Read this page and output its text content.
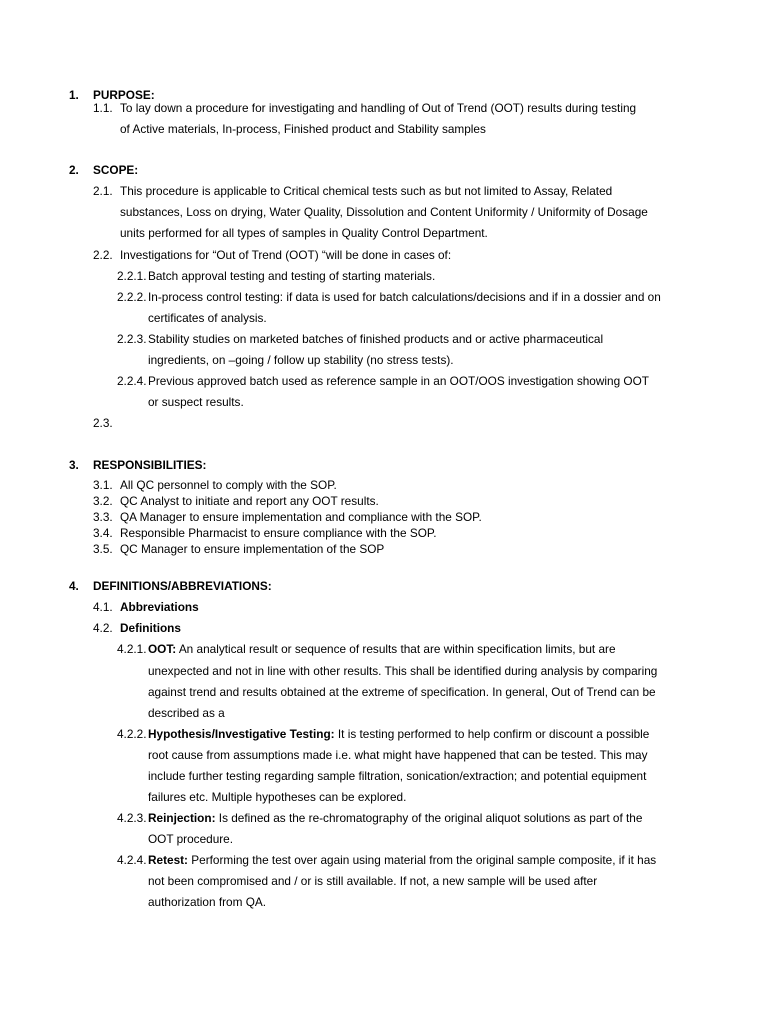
1. PURPOSE:
1.1. To lay down a procedure for investigating and handling of Out of Trend (OOT) results during testing
of Active materials, In-process, Finished product and Stability samples
2. SCOPE:
2.1. This procedure is applicable to Critical chemical tests such as but not limited to Assay, Related
substances, Loss on drying, Water Quality, Dissolution and Content Uniformity / Uniformity of Dosage
units performed for all types of samples in Quality Control Department.
2.2. Investigations for “Out of Trend (OOT) “will be done in cases of:
2.2.1. Batch approval testing and testing of starting materials.
2.2.2. In-process control testing: if data is used for batch calculations/decisions and if in a dossier and on
certificates of analysis.
2.2.3. Stability studies on marketed batches of finished products and or active pharmaceutical
ingredients, on –going / follow up stability (no stress tests).
2.2.4. Previous approved batch used as reference sample in an OOT/OOS investigation showing OOT
or suspect results.
2.3.
3. RESPONSIBILITIES:
3.1. All QC personnel to comply with the SOP.
3.2. QC Analyst to initiate and report any OOT results.
3.3. QA Manager to ensure implementation and compliance with the SOP.
3.4. Responsible Pharmacist to ensure compliance with the SOP.
3.5. QC Manager to ensure implementation of the SOP
4. DEFINITIONS/ABBREVIATIONS:
4.1. Abbreviations
4.2. Definitions
4.2.1. OOT: An analytical result or sequence of results that are within specification limits, but are
unexpected and not in line with other results. This shall be identified during analysis by comparing
against trend and results obtained at the extreme of specification. In general, Out of Trend can be
described as a
4.2.2. Hypothesis/Investigative Testing: It is testing performed to help confirm or discount a possible
root cause from assumptions made i.e. what might have happened that can be tested. This may
include further testing regarding sample filtration, sonication/extraction; and potential equipment
failures etc. Multiple hypotheses can be explored.
4.2.3. Reinjection: Is defined as the re-chromatography of the original aliquot solutions as part of the
OOT procedure.
4.2.4. Retest: Performing the test over again using material from the original sample composite, if it has
not been compromised and / or is still available. If not, a new sample will be used after
authorization from QA.
